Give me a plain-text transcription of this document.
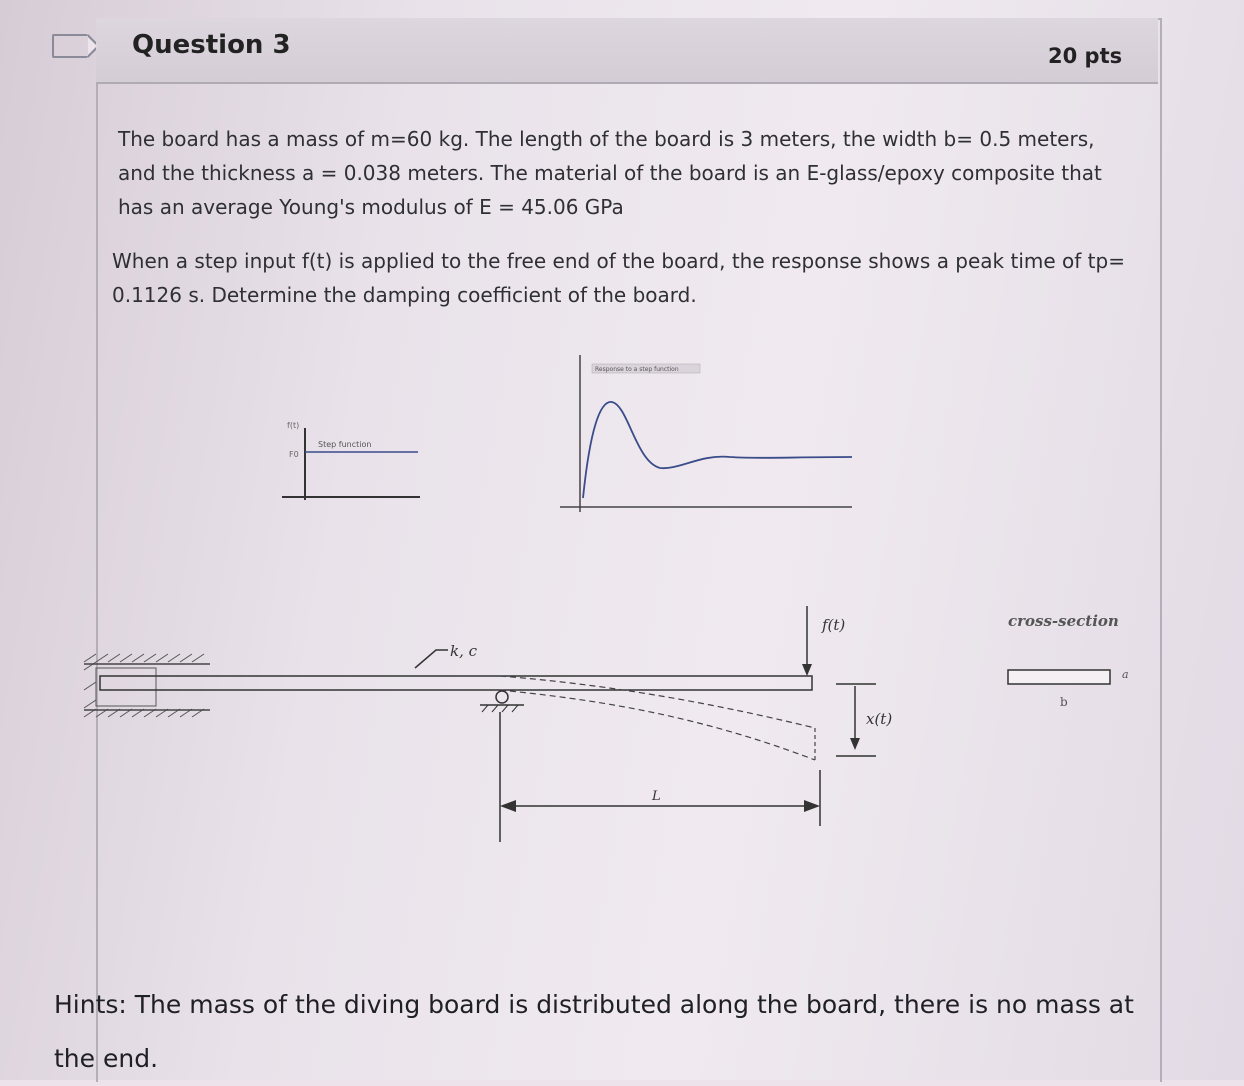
Question 3	20 pts
The board has a mass of m=60 kg. The length of the board is 3 meters, the width b= 0.5 meters, and the thickness a = 0.038 meters. The material of the board is an E-glass/epoxy composite that has an average Young's modulus of E = 45.06 GPa
When a step input f(t) is applied to the free end of the board, the response shows a peak time of tp= 0.1126 s. Determine the damping coefficient of the board.
f(t)
F0
Step function
Response to a step function
k, c
f(t)
x(t)
L
cross-section
a
b
Hints: The mass of the diving board is distributed along the board, there is no mass at the end.
